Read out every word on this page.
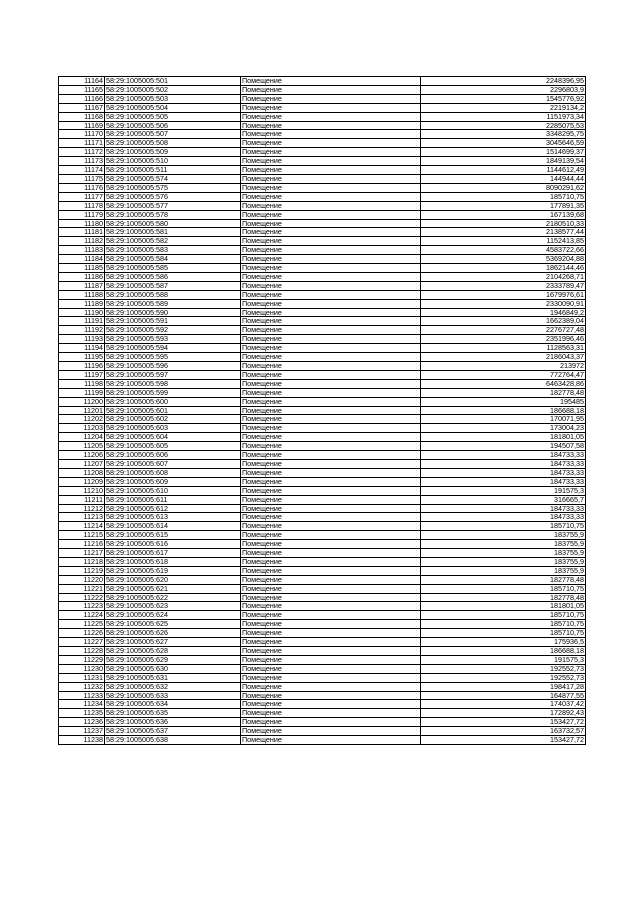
11164	58:29:1005005:501	Помещение	2248396,95
11165	58:29:1005005:502	Помещение	2296803,9
11166	58:29:1005005:503	Помещение	1545776,92
11167	58:29:1005005:504	Помещение	2219134,2
11168	58:29:1005005:505	Помещение	1151973,34
11169	58:29:1005005:506	Помещение	2285075,53
11170	58:29:1005005:507	Помещение	3348295,75
11171	58:29:1005005:508	Помещение	3045646,59
11172	58:29:1005005:509	Помещение	1514699,37
11173	58:29:1005005:510	Помещение	1849139,54
11174	58:29:1005005:511	Помещение	1144612,49
11175	58:29:1005005:574	Помещение	144944,44
11176	58:29:1005005:575	Помещение	8090291,62
11177	58:29:1005005:576	Помещение	185710,75
11178	58:29:1005005:577	Помещение	177891,35
11179	58:29:1005005:578	Помещение	167139,68
11180	58:29:1005005:580	Помещение	2180510,33
11181	58:29:1005005:581	Помещение	2138577,44
11182	58:29:1005005:582	Помещение	1152413,85
11183	58:29:1005005:583	Помещение	4583722,66
11184	58:29:1005005:584	Помещение	5369204,88
11185	58:29:1005005:585	Помещение	1862144,46
11186	58:29:1005005:586	Помещение	2104268,71
11187	58:29:1005005:587	Помещение	2333789,47
11188	58:29:1005005:588	Помещение	1679976,61
11189	58:29:1005005:589	Помещение	2330090,91
11190	58:29:1005005:590	Помещение	1946849,2
11191	58:29:1005005:591	Помещение	1662389,04
11192	58:29:1005005:592	Помещение	2276727,48
11193	58:29:1005005:593	Помещение	2351996,46
11194	58:29:1005005:594	Помещение	1128563,31
11195	58:29:1005005:595	Помещение	2186043,37
11196	58:29:1005005:596	Помещение	213972
11197	58:29:1005005:597	Помещение	772764,47
11198	58:29:1005005:598	Помещение	6463428,86
11199	58:29:1005005:599	Помещение	182778,48
11200	58:29:1005005:600	Помещение	195485
11201	58:29:1005005:601	Помещение	186688,18
11202	58:29:1005005:602	Помещение	170071,95
11203	58:29:1005005:603	Помещение	173004,23
11204	58:29:1005005:604	Помещение	181801,05
11205	58:29:1005005:605	Помещение	194507,58
11206	58:29:1005005:606	Помещение	184733,33
11207	58:29:1005005:607	Помещение	184733,33
11208	58:29:1005005:608	Помещение	184733,33
11209	58:29:1005005:609	Помещение	184733,33
11210	58:29:1005005:610	Помещение	191575,3
11211	58:29:1005005:611	Помещение	316665,7
11212	58:29:1005005:612	Помещение	184733,33
11213	58:29:1005005:613	Помещение	184733,33
11214	58:29:1005005:614	Помещение	185710,75
11215	58:29:1005005:615	Помещение	183755,9
11216	58:29:1005005:616	Помещение	183755,9
11217	58:29:1005005:617	Помещение	183755,9
11218	58:29:1005005:618	Помещение	183755,9
11219	58:29:1005005:619	Помещение	183755,9
11220	58:29:1005005:620	Помещение	182778,48
11221	58:29:1005005:621	Помещение	185710,75
11222	58:29:1005005:622	Помещение	182778,48
11223	58:29:1005005:623	Помещение	181801,05
11224	58:29:1005005:624	Помещение	185710,75
11225	58:29:1005005:625	Помещение	185710,75
11226	58:29:1005005:626	Помещение	185710,75
11227	58:29:1005005:627	Помещение	175936,5
11228	58:29:1005005:628	Помещение	186688,18
11229	58:29:1005005:629	Помещение	191575,3
11230	58:29:1005005:630	Помещение	192552,73
11231	58:29:1005005:631	Помещение	192552,73
11232	58:29:1005005:632	Помещение	198417,28
11233	58:29:1005005:633	Помещение	164877,55
11234	58:29:1005005:634	Помещение	174037,42
11235	58:29:1005005:635	Помещение	172892,43
11236	58:29:1005005:636	Помещение	153427,72
11237	58:29:1005005:637	Помещение	163732,57
11238	58:29:1005005:638	Помещение	153427,72
